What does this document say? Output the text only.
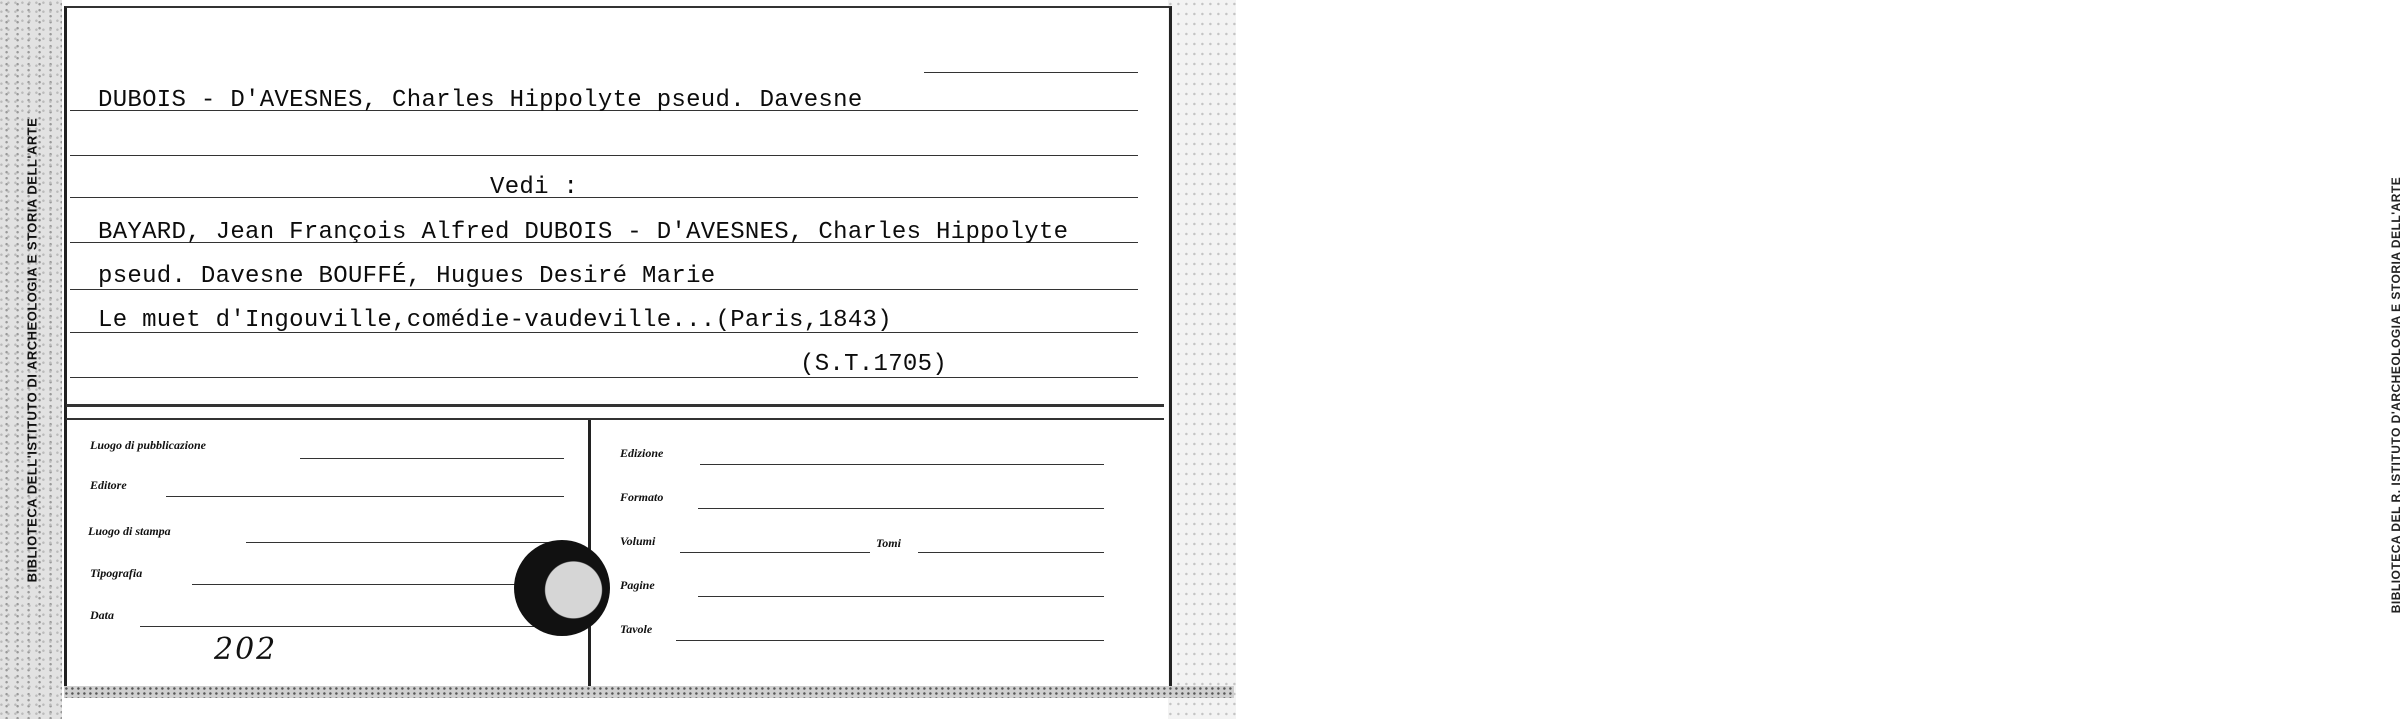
BIBLIOTECA DELL'ISTITUTO DI ARCHEOLOGIA E STORIA DELL'ARTE	BIBLIOTECA DEL R. ISTITUTO D'ARCHEOLOGIA E STORIA DELL'ARTE
DUBOIS - D'AVESNES, Charles Hippolyte pseud. Davesne
Vedi :
BAYARD, Jean François Alfred DUBOIS - D'AVESNES, Charles Hippolyte
pseud. Davesne BOUFFÉ, Hugues Desiré Marie
Le muet d'Ingouville,comédie-vaudeville...(Paris,1843)
(S.T.1705)
Luogo di pubblicazione
Editore
Luogo di stampa
Tipografia
Data
202
Edizione
Formato
Volumi	Tomi
Pagine
Tavole
